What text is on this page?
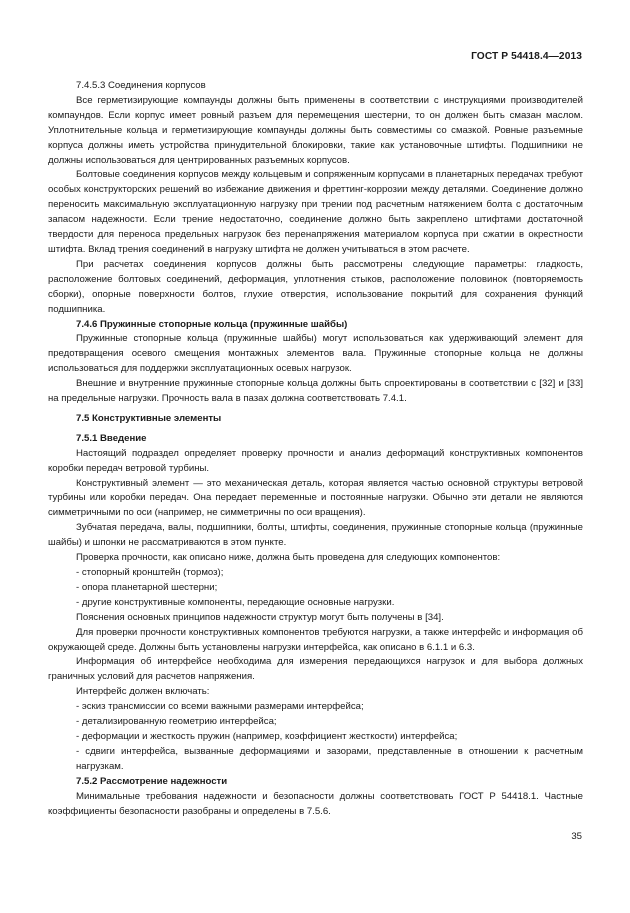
ГОСТ Р 54418.4—2013

7.4.5.3 Соединения корпусов

Все герметизирующие компаунды должны быть применены в соответствии с инструкциями производителей компаундов. Если корпус имеет ровный разъем для перемещения шестерни, то он должен быть смазан маслом. Уплотнительные кольца и герметизирующие компаунды должны быть совместимы со смазкой. Ровные разъемные корпуса должны иметь устройства принудительной блокировки, такие как установочные штифты. Подшипники не должны использоваться для центрированных разъемных корпусов.

Болтовые соединения корпусов между кольцевым и сопряженным корпусами в планетарных передачах требуют особых конструкторских решений во избежание движения и фреттинг-коррозии между деталями. Соединение должно переносить максимальную эксплуатационную нагрузку при трении под расчетным натяжением болта с достаточным запасом надежности. Если трение недостаточно, соединение должно быть закреплено штифтами достаточной твердости для переноса предельных нагрузок без перенапряжения материалом корпуса при сжатии в окрестности штифта. Вклад трения соединений в нагрузку штифта не должен учитываться в этом расчете.

При расчетах соединения корпусов должны быть рассмотрены следующие параметры: гладкость, расположение болтовых соединений, деформация, уплотнения стыков, расположение половинок (повторяемость сборки), опорные поверхности болтов, глухие отверстия, использование покрытий для сохранения функций подшипника.

7.4.6 Пружинные стопорные кольца (пружинные шайбы)

Пружинные стопорные кольца (пружинные шайбы) могут использоваться как удерживающий элемент для предотвращения осевого смещения монтажных элементов вала. Пружинные стопорные кольца не должны использоваться для поддержки эксплуатационных осевых нагрузок.

Внешние и внутренние пружинные стопорные кольца должны быть спроектированы в соответствии с [32] и [33] на предельные нагрузки. Прочность вала в пазах должна соответствовать 7.4.1.

7.5 Конструктивные элементы

7.5.1 Введение

Настоящий подраздел определяет проверку прочности и анализ деформаций конструктивных компонентов коробки передач ветровой турбины.

Конструктивный элемент — это механическая деталь, которая является частью основной структуры ветровой турбины или коробки передач. Она передает переменные и постоянные нагрузки. Обычно эти детали не являются симметричными по оси (например, не симметричны по оси вращения).

Зубчатая передача, валы, подшипники, болты, штифты, соединения, пружинные стопорные кольца (пружинные шайбы) и шпонки не рассматриваются в этом пункте.

Проверка прочности, как описано ниже, должна быть проведена для следующих компонентов:

- стопорный кронштейн (тормоз);

- опора планетарной шестерни;

- другие конструктивные компоненты, передающие основные нагрузки.

Пояснения основных принципов надежности структур могут быть получены в [34].

Для проверки прочности конструктивных компонентов требуются нагрузки, а также интерфейс и информация об окружающей среде. Должны быть установлены нагрузки интерфейса, как описано в 6.1.1 и 6.3.

Информация об интерфейсе необходима для измерения передающихся нагрузок и для выбора должных граничных условий для расчетов напряжения.

Интерфейс должен включать:

- эскиз трансмиссии со всеми важными размерами интерфейса;

- детализированную геометрию интерфейса;

- деформации и жесткость пружин (например, коэффициент жесткости) интерфейса;

- сдвиги интерфейса, вызванные деформациями и зазорами, представленные в отношении к расчетным нагрузкам.

7.5.2 Рассмотрение надежности

Минимальные требования надежности и безопасности должны соответствовать ГОСТ Р 54418.1. Частные коэффициенты безопасности разобраны и определены в 7.5.6.

35
